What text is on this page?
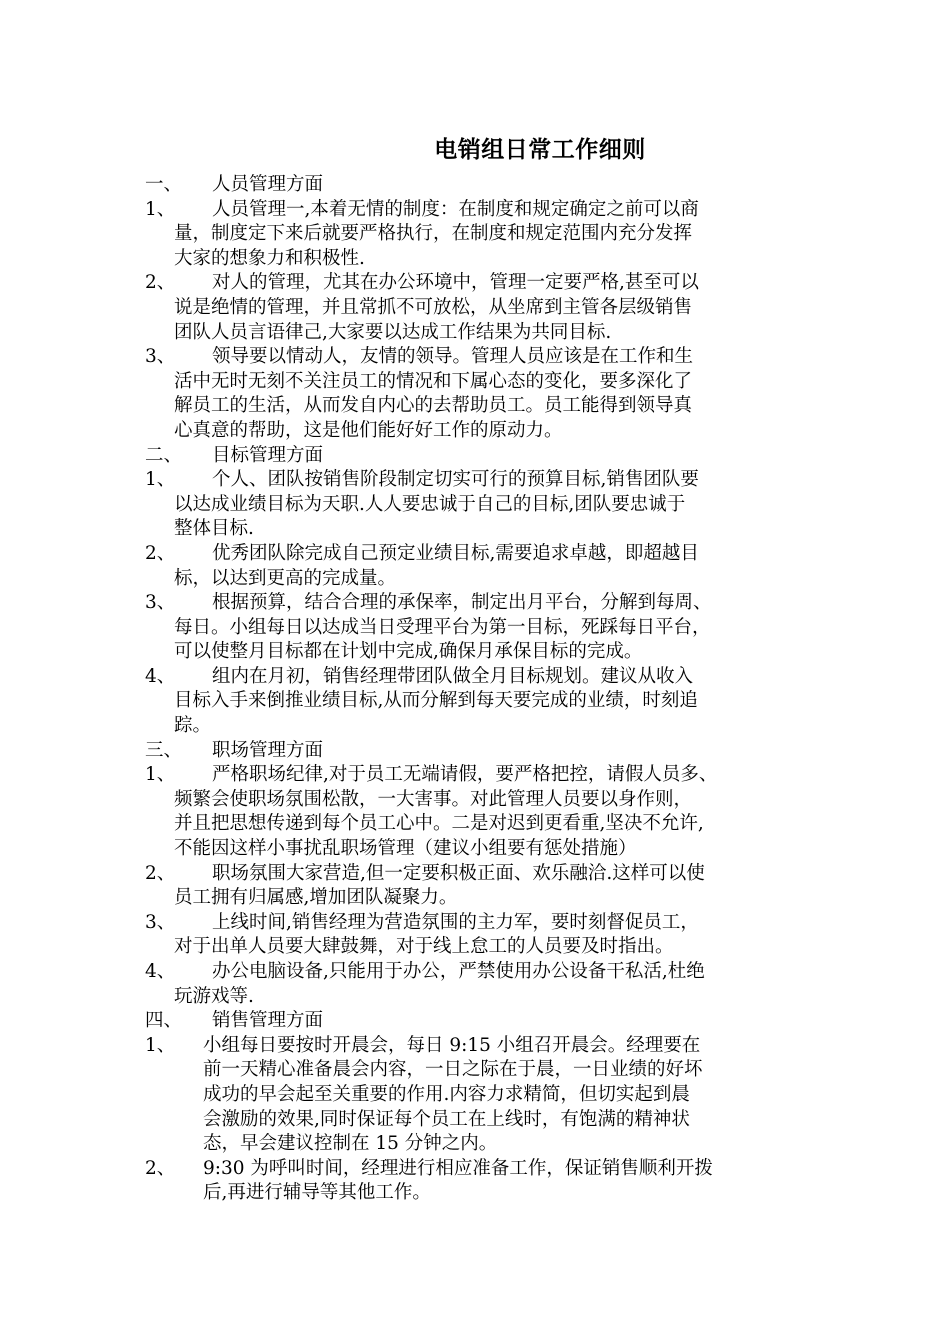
电销组日常工作细则
一、 人员管理方面
1、 人员管理一,本着无情的制度：在制度和规定确定之前可以商
量，制度定下来后就要严格执行，在制度和规定范围内充分发挥
大家的想象力和积极性.
2、 对人的管理，尤其在办公环境中，管理一定要严格,甚至可以
说是绝情的管理，并且常抓不可放松，从坐席到主管各层级销售
团队人员言语律己,大家要以达成工作结果为共同目标.
3、 领导要以情动人，友情的领导。管理人员应该是在工作和生
活中无时无刻不关注员工的情况和下属心态的变化，要多深化了
解员工的生活，从而发自内心的去帮助员工。员工能得到领导真
心真意的帮助，这是他们能好好工作的原动力。
二、 目标管理方面
1、 个人、团队按销售阶段制定切实可行的预算目标,销售团队要
以达成业绩目标为天职.人人要忠诚于自己的目标,团队要忠诚于
整体目标.
2、 优秀团队除完成自己预定业绩目标,需要追求卓越，即超越目
标，以达到更高的完成量。
3、 根据预算，结合合理的承保率，制定出月平台，分解到每周、
每日。小组每日以达成当日受理平台为第一目标，死踩每日平台，
可以使整月目标都在计划中完成,确保月承保目标的完成。
4、 组内在月初，销售经理带团队做全月目标规划。建议从收入
目标入手来倒推业绩目标,从而分解到每天要完成的业绩，时刻追
踪。
三、 职场管理方面
1、 严格职场纪律,对于员工无端请假，要严格把控，请假人员多、
频繁会使职场氛围松散，一大害事。对此管理人员要以身作则，
并且把思想传递到每个员工心中。二是对迟到更看重,坚决不允许,
不能因这样小事扰乱职场管理（建议小组要有惩处措施）
2、 职场氛围大家营造,但一定要积极正面、欢乐融洽.这样可以使
员工拥有归属感,增加团队凝聚力。
3、 上线时间,销售经理为营造氛围的主力军，要时刻督促员工，
对于出单人员要大肆鼓舞，对于线上怠工的人员要及时指出。
4、 办公电脑设备,只能用于办公，严禁使用办公设备干私活,杜绝
玩游戏等.
四、 销售管理方面
1、 小组每日要按时开晨会，每日 9:15 小组召开晨会。经理要在
前一天精心准备晨会内容，一日之际在于晨，一日业绩的好坏
成功的早会起至关重要的作用.内容力求精简，但切实起到晨
会激励的效果,同时保证每个员工在上线时，有饱满的精神状
态，早会建议控制在 15 分钟之内。
2、 9:30 为呼叫时间，经理进行相应准备工作，保证销售顺利开拨
后,再进行辅导等其他工作。
